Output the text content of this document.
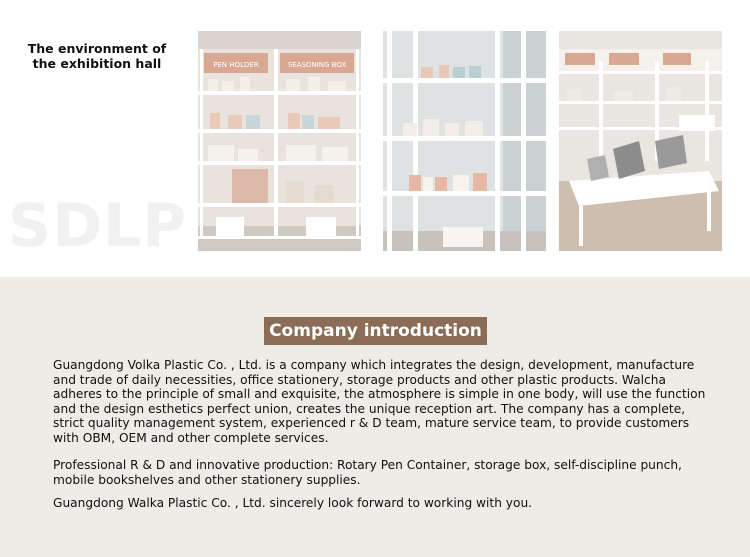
SDLP
The environment of the exhibition hall	PEN HOLDER	SEASONING BOX
Company introduction

Guangdong Volka Plastic Co. , Ltd. is a company which integrates the design, development, manufacture and trade of daily necessities, office stationery, storage products and other plastic products. Walcha adheres to the principle of small and exquisite, the atmosphere is simple in one body, will use the function and the design esthetics perfect union, creates the unique reception art. The company has a complete, strict quality management system, experienced r & D team, mature service team, to provide customers with OBM, OEM and other complete services.

Professional R & D and innovative production: Rotary Pen Container, storage box, self-discipline punch, mobile bookshelves and other stationery supplies.

Guangdong Walka Plastic Co. , Ltd. sincerely look forward to working with you.
